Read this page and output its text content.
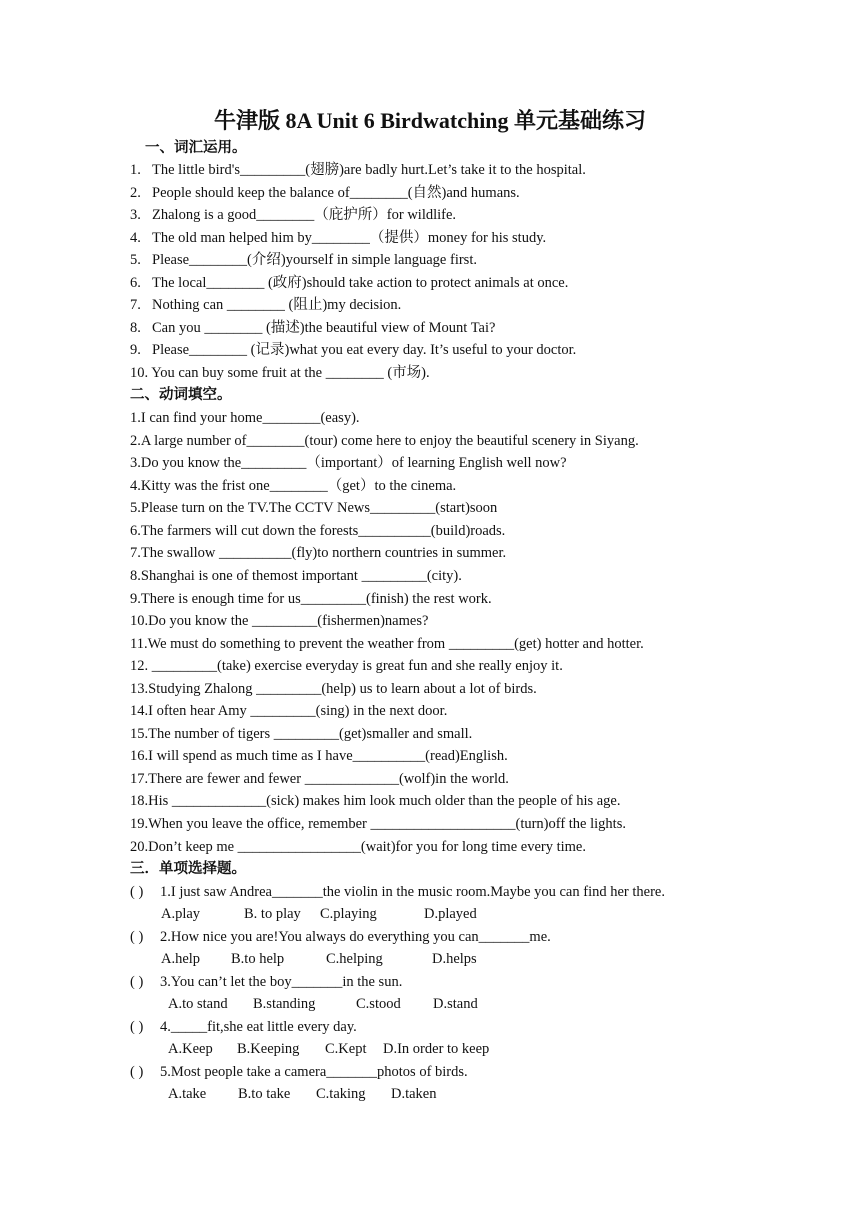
牛津版 8A Unit 6 Birdwatching 单元基础练习
一、词汇运用。
1. The little bird's_________(翅膀)are badly hurt.Let’s take it to the hospital.
2. People should keep the balance of________(自然)and humans.
3. Zhalong is a good________（庇护所）for wildlife.
4. The old man helped him by________（提供）money for his study.
5. Please________(介绍)yourself in simple language first.
6. The local________ (政府)should take action to protect animals at once.
7. Nothing can ________ (阻止)my decision.
8. Can you ________ (描述)the beautiful view of Mount Tai?
9. Please________ (记录)what you eat every day. It’s useful to your doctor.
10. You can buy some fruit at the ________ (市场).
二、动词填空。
1.I can find your home________(easy).
2.A large number of________(tour) come here to enjoy the beautiful scenery in Siyang.
3.Do you know the_________（important）of learning English well now?
4.Kitty was the frist one________（get）to the cinema.
5.Please turn on the TV.The CCTV News_________(start)soon
6.The farmers will cut down the forests__________(build)roads.
7.The swallow __________(fly)to northern countries in summer.
8.Shanghai is one of themost important _________(city).
9.There is enough time for us_________(finish) the rest work.
10.Do you know the _________(fishermen)names?
11.We must do something to prevent the weather from _________(get) hotter and hotter.
12. _________(take) exercise everyday is great fun and she really enjoy it.
13.Studying Zhalong _________(help) us to learn about a lot of birds.
14.I often hear Amy _________(sing) in the next door.
15.The number of tigers _________(get)smaller and small.
16.I will spend as much time as I have__________(read)English.
17.There are fewer and fewer _____________(wolf)in the world.
18.His _____________(sick) makes him look much older than the people of his age.
19.When you leave the office, remember ____________________(turn)off the lights.
20.Don’t keep me _________________(wait)for you for long time every time.
三．单项选择题。
( ) 1.I just saw Andrea_______the violin in the music room.Maybe you can find her there.
A.play	B. to play C.playing	D.played
( ) 2.How nice you are!You always do everything you can_______me.
A.help B.to help	C.helping	D.helps
( ) 3.You can’t let the boy_______in the sun.
A.to stand B.standing	C.stood D.stand
( ) 4._____fit,she eat little every day.
A.Keep B.Keeping C.Kept D.In order to keep
( ) 5.Most people take a camera_______photos of birds.
A.take B.to take C.taking D.taken
